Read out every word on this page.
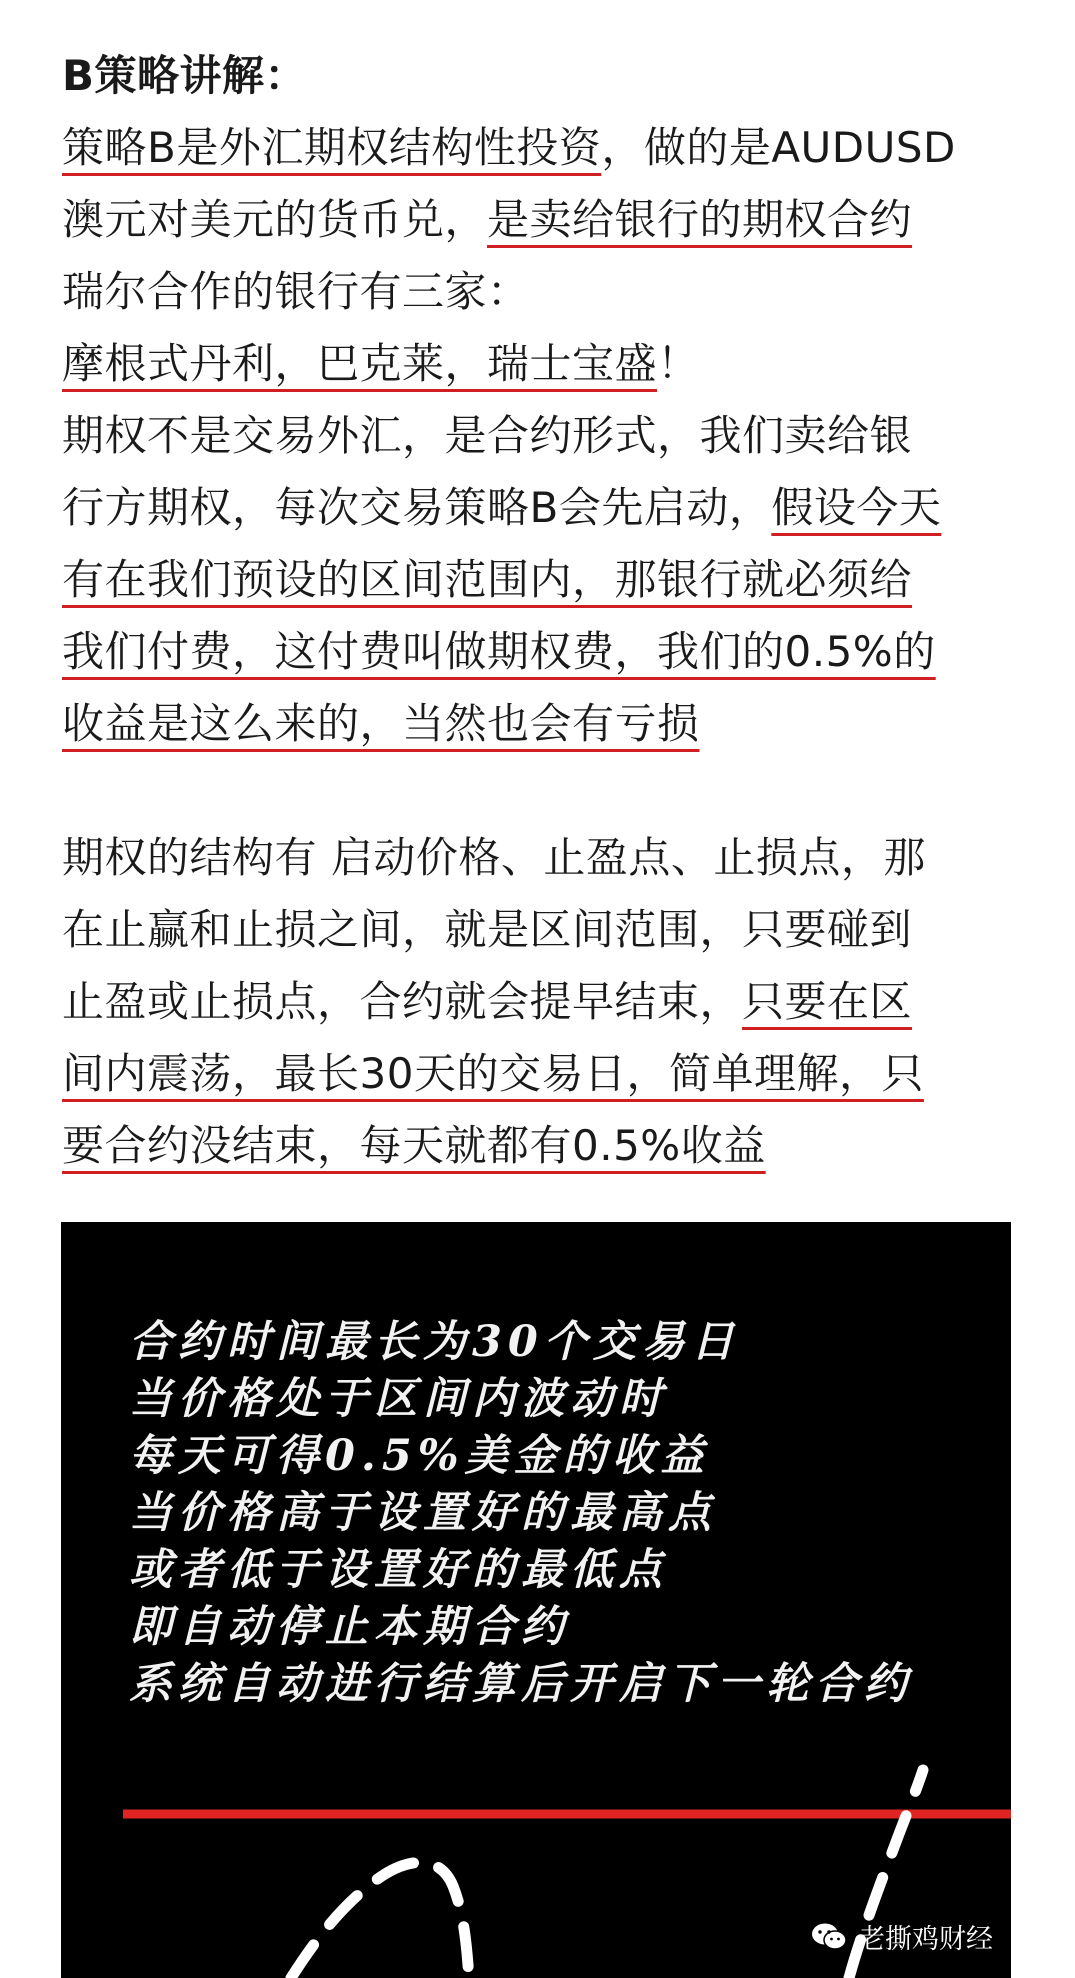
B策略讲解：
策略B是外汇期权结构性投资，做的是AUDUSD
澳元对美元的货币兑，是卖给银行的期权合约
瑞尔合作的银行有三家：
摩根式丹利，巴克莱，瑞士宝盛！
期权不是交易外汇，是合约形式，我们卖给银
行方期权，每次交易策略B会先启动，假设今天
有在我们预设的区间范围内，那银行就必须给
我们付费，这付费叫做期权费，我们的0.5%的
收益是这么来的，当然也会有亏损
期权的结构有 启动价格、止盈点、止损点，那
在止赢和止损之间，就是区间范围，只要碰到
止盈或止损点，合约就会提早结束，只要在区
间内震荡，最长30天的交易日，简单理解，只
要合约没结束，每天就都有0.5%收益
合约时间最长为30个交易日
当价格处于区间内波动时
每天可得0.5%美金的收益
当价格高于设置好的最高点
或者低于设置好的最低点
即自动停止本期合约
系统自动进行结算后开启下一轮合约
老撕鸡财经
